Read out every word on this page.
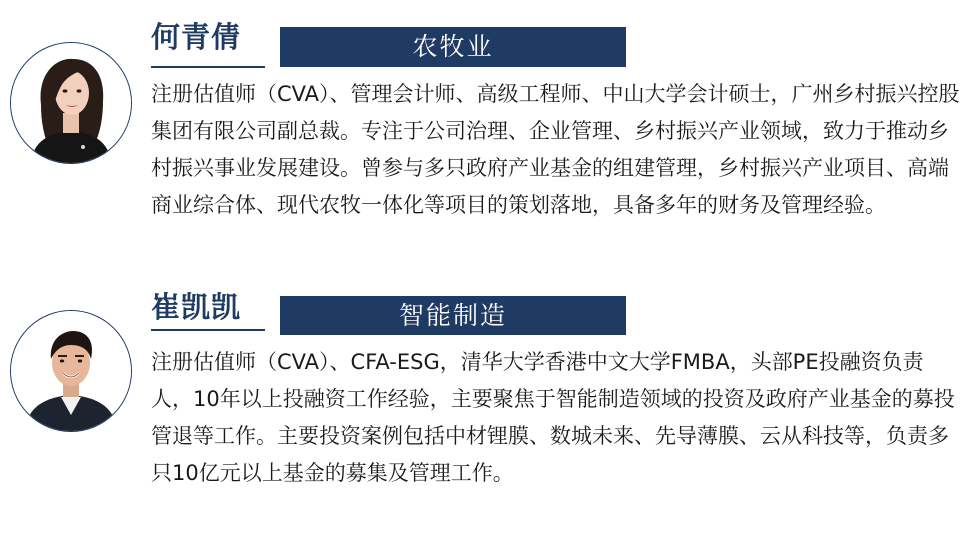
何青倩	农牧业

注册估值师（CVA）、管理会计师、高级工程师、中山大学会计硕士，广州乡村振兴控股集团有限公司副总裁。专注于公司治理、企业管理、乡村振兴产业领域，致力于推动乡村振兴事业发展建设。曾参与多只政府产业基金的组建管理，乡村振兴产业项目、高端商业综合体、现代农牧一体化等项目的策划落地，具备多年的财务及管理经验。

崔凯凯	智能制造

注册估值师（CVA）、CFA-ESG，清华大学香港中文大学FMBA，头部PE投融资负责人，10年以上投融资工作经验，主要聚焦于智能制造领域的投资及政府产业基金的募投管退等工作。主要投资案例包括中材锂膜、数城未来、先导薄膜、云从科技等，负责多只10亿元以上基金的募集及管理工作。
